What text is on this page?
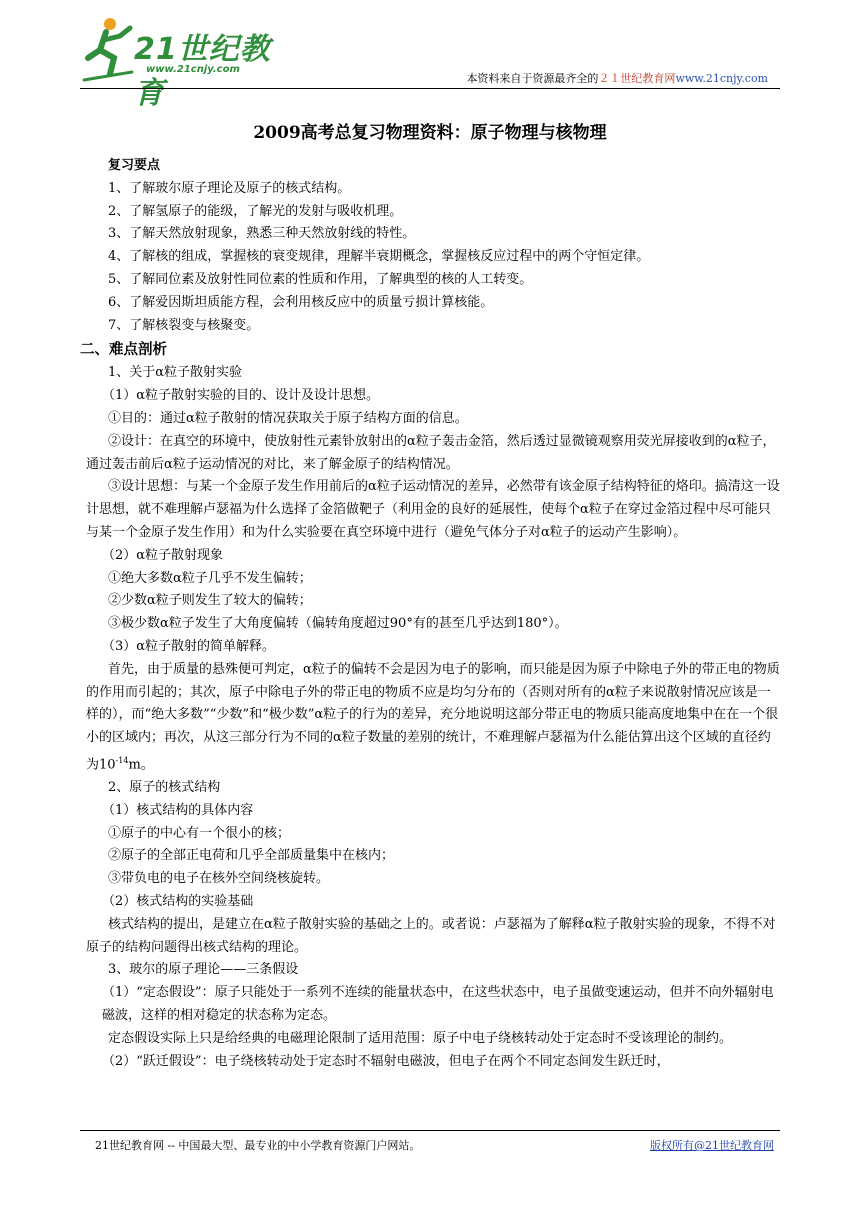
21世纪教育
www.21cnjy.com
本资料来自于资源最齐全的２１世纪教育网www.21cnjy.com
2009高考总复习物理资料：原子物理与核物理

复习要点

1、了解玻尔原子理论及原子的核式结构。

2、了解氢原子的能级，了解光的发射与吸收机理。

3、了解天然放射现象，熟悉三种天然放射线的特性。

4、了解核的组成，掌握核的衰变规律，理解半衰期概念，掌握核反应过程中的两个守恒定律。

5、了解同位素及放射性同位素的性质和作用，了解典型的核的人工转变。

6、了解爱因斯坦质能方程，会利用核反应中的质量亏损计算核能。

7、了解核裂变与核聚变。

二、难点剖析

1、关于α粒子散射实验

（1）α粒子散射实验的目的、设计及设计思想。

①目的：通过α粒子散射的情况获取关于原子结构方面的信息。

②设计：在真空的环境中，使放射性元素钋放射出的α粒子轰击金箔，然后透过显微镜观察用荧光屏接收到的α粒子，通过轰击前后α粒子运动情况的对比，来了解金原子的结构情况。

③设计思想：与某一个金原子发生作用前后的α粒子运动情况的差异，必然带有该金原子结构特征的烙印。搞清这一设计思想，就不难理解卢瑟福为什么选择了金箔做靶子（利用金的良好的延展性，使每个α粒子在穿过金箔过程中尽可能只与某一个金原子发生作用）和为什么实验要在真空环境中进行（避免气体分子对α粒子的运动产生影响）。

（2）α粒子散射现象

①绝大多数α粒子几乎不发生偏转；

②少数α粒子则发生了较大的偏转；

③极少数α粒子发生了大角度偏转（偏转角度超过90°有的甚至几乎达到180°）。

（3）α粒子散射的简单解释。

首先，由于质量的悬殊便可判定，α粒子的偏转不会是因为电子的影响，而只能是因为原子中除电子外的带正电的物质的作用而引起的；其次，原子中除电子外的带正电的物质不应是均匀分布的（否则对所有的α粒子来说散射情况应该是一样的），而“绝大多数”“少数”和“极少数”α粒子的行为的差异，充分地说明这部分带正电的物质只能高度地集中在在一个很小的区域内；再次，从这三部分行为不同的α粒子数量的差别的统计，不难理解卢瑟福为什么能估算出这个区域的直径约为$10^{-14}m$。

2、原子的核式结构

（1）核式结构的具体内容

①原子的中心有一个很小的核；

②原子的全部正电荷和几乎全部质量集中在核内；

③带负电的电子在核外空间绕核旋转。

（2）核式结构的实验基础

核式结构的提出，是建立在α粒子散射实验的基础之上的。或者说：卢瑟福为了解释α粒子散射实验的现象，不得不对原子的结构问题得出核式结构的理论。

3、玻尔的原子理论——三条假设

（1）“定态假设”：原子只能处于一系列不连续的能量状态中，在这些状态中，电子虽做变速运动，但并不向外辐射电磁波，这样的相对稳定的状态称为定态。

定态假设实际上只是给经典的电磁理论限制了适用范围：原子中电子绕核转动处于定态时不受该理论的制约。

（2）“跃迁假设”：电子绕核转动处于定态时不辐射电磁波，但电子在两个不同定态间发生跃迁时，

21世纪教育网 -- 中国最大型、最专业的中小学教育资源门户网站。	版权所有@21世纪教育网
